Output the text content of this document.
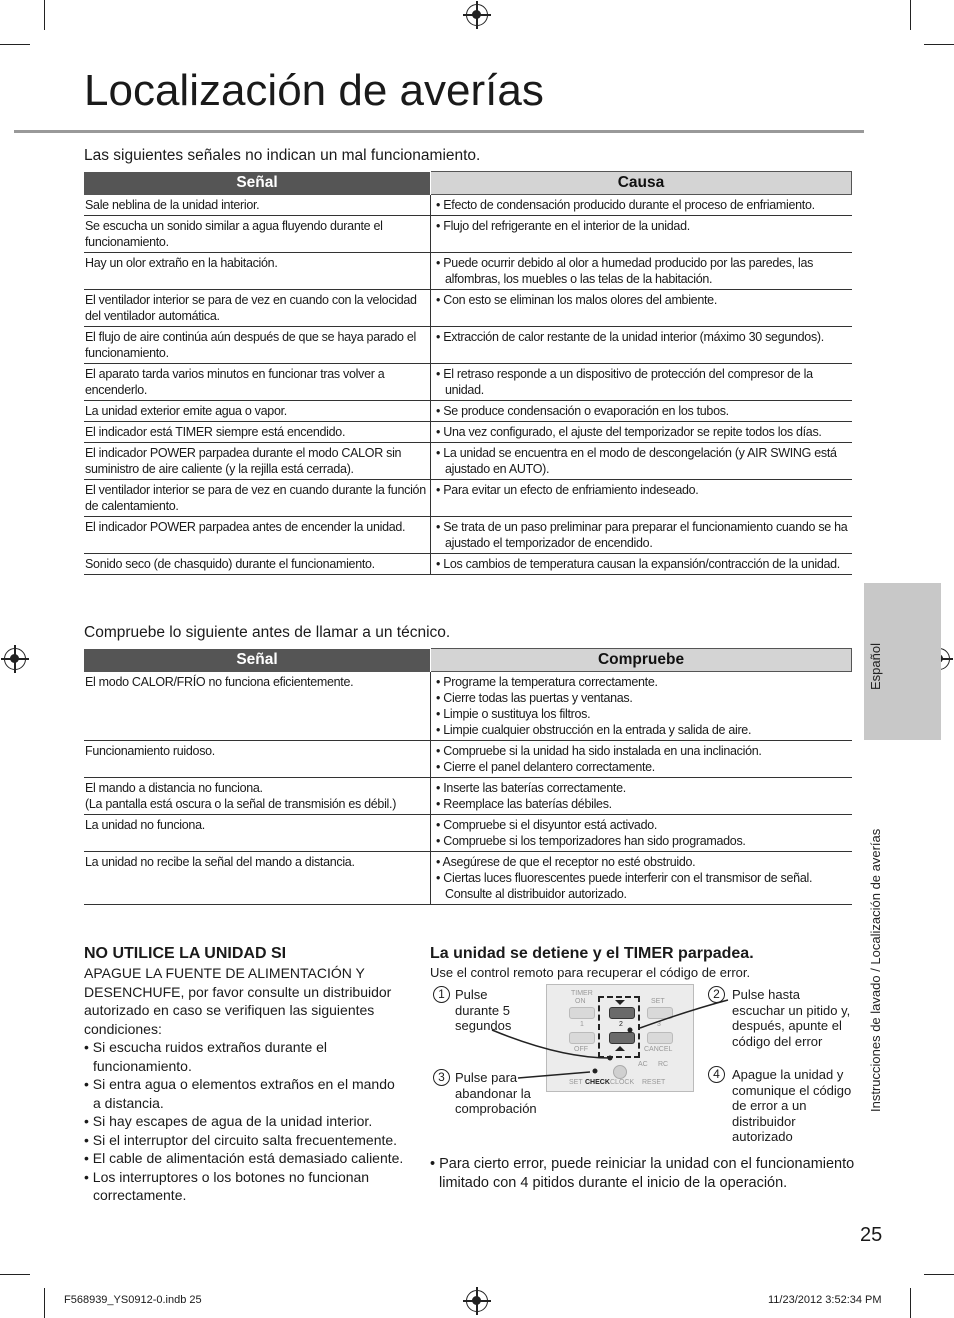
Localización de averías
Las siguientes señales no indican un mal funcionamiento.
Señal	Causa
Sale neblina de la unidad interior.	• Efecto de condensación producido durante el proceso de enfriamiento.

Se escucha un sonido similar a agua fluyendo durante el funcionamiento.	• Flujo del refrigerante en el interior de la unidad.

Hay un olor extraño en la habitación.	• Puede ocurrir debido al olor a humedad producido por las paredes, las alfombras, los muebles o las telas de la habitación.

El ventilador interior se para de vez en cuando con la velocidad del ventilador automática.	• Con esto se eliminan los malos olores del ambiente.

El flujo de aire continúa aún después de que se haya parado el funcionamiento.	• Extracción de calor restante de la unidad interior (máximo 30 segundos).

El aparato tarda varios minutos en funcionar tras volver a encenderlo.	• El retraso responde a un dispositivo de protección del compresor de la unidad.

La unidad exterior emite agua o vapor.	• Se produce condensación o evaporación en los tubos.

El indicador está TIMER siempre está encendido.	• Una vez configurado, el ajuste del temporizador se repite todos los días.

El indicador POWER parpadea durante el modo CALOR sin suministro de aire caliente (y la rejilla está cerrada).	• La unidad se encuentra en el modo de descongelación (y AIR SWING está ajustado en AUTO).

El ventilador interior se para de vez en cuando durante la función de calentamiento.	• Para evitar un efecto de enfriamiento indeseado.

El indicador POWER parpadea antes de encender la unidad.	• Se trata de un paso preliminar para preparar el funcionamiento cuando se ha ajustado el temporizador de encendido.

Sonido seco (de chasquido) durante el funcionamiento.	• Los cambios de temperatura causan la expansión/contracción de la unidad.
Compruebe lo siguiente antes de llamar a un técnico.
Señal	Compruebe
El modo CALOR/FRÍO no funciona eficientemente.	• Programe la temperatura correctamente.
• Cierre todas las puertas y ventanas.
• Limpie o sustituya los filtros.
• Limpie cualquier obstrucción en la entrada y salida de aire.

Funcionamiento ruidoso.	• Compruebe si la unidad ha sido instalada en una inclinación.
• Cierre el panel delantero correctamente.

El mando a distancia no funciona.
(La pantalla está oscura o la señal de transmisión es débil.)	• Inserte las baterías correctamente.
• Reemplace las baterías débiles.

La unidad no funciona.	• Compruebe si el disyuntor está activado.
• Compruebe si los temporizadores han sido programados.

La unidad no recibe la señal del mando a distancia.	• Asegúrese de que el receptor no esté obstruido.
• Ciertas luces fluorescentes puede interferir con el transmisor de señal. Consulte al distribuidor autorizado.
Español
Instrucciones de lavado / Localización de averías
NO UTILICE LA UNIDAD SI
APAGUE LA FUENTE DE ALIMENTACIÓN Y DESENCHUFE, por favor consulte un distribuidor autorizado en caso se verifiquen las siguientes condiciones:
• Si escucha ruidos extraños durante el funcionamiento.
• Si entra agua o elementos extraños en el mando a distancia.
• Si hay escapes de agua de la unidad interior.
• Si el interruptor del circuito salta frecuentemente.
• El cable de alimentación está demasiado caliente.
• Los interruptores o los botones no funcionan correctamente.
La unidad se detiene y el TIMER parpadea.
Use el control remoto para recuperar el código de error.
TIMER
ON	SET
1	2	3
OFF	CANCEL
AC RC
SET CHECK CLOCK RESET
1 Pulse durante 5 segundos
2 Pulse hasta escuchar un pitido y, después, apunte el código del error
3 Pulse para abandonar la comprobación
4 Apague la unidad y comunique el código de error a un distribuidor autorizado
• Para cierto error, puede reiniciar la unidad con el funcionamiento limitado con 4 pitidos durante el inicio de la operación.
25
F568939_YS0912-0.indb 25	11/23/2012 3:52:34 PM
